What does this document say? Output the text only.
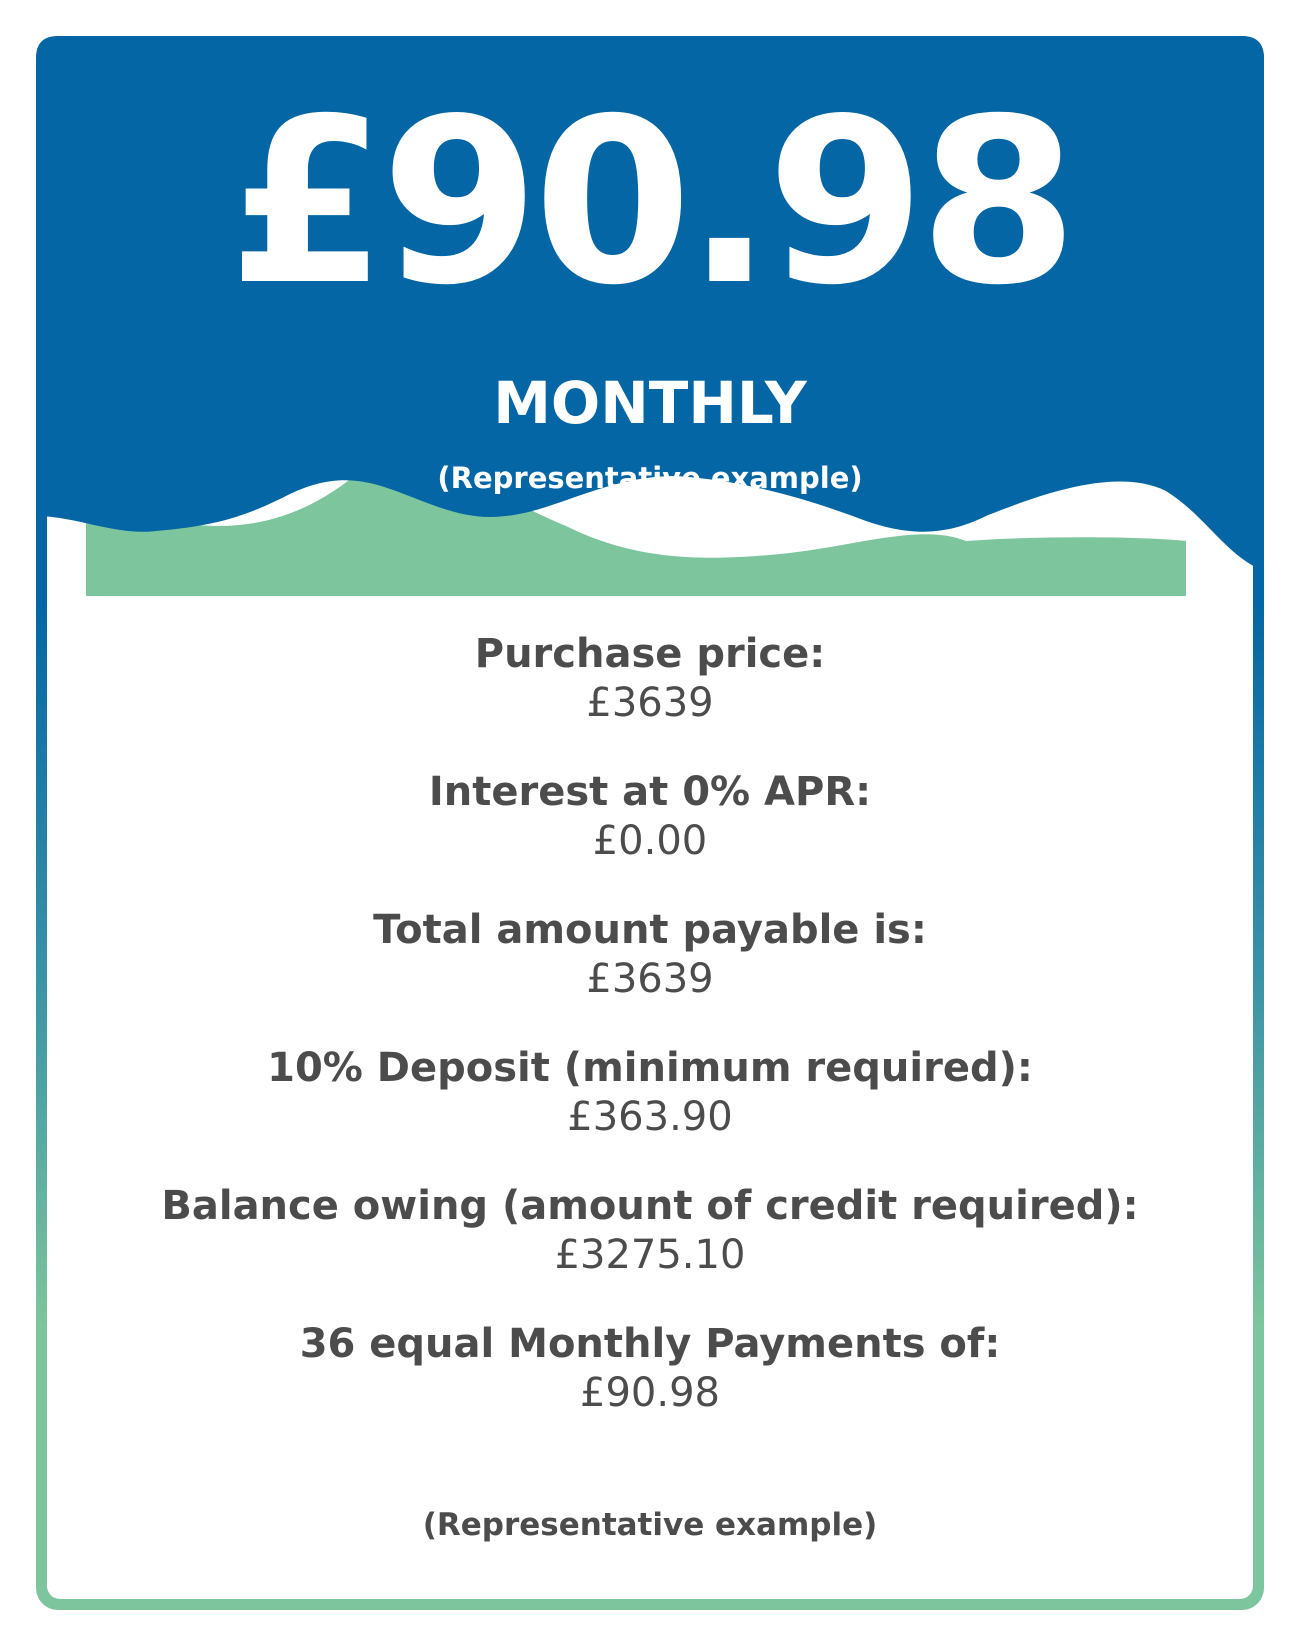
£90.98
MONTHLY
(Representative example)
Purchase price:
£3639
Interest at 0% APR:
£0.00
Total amount payable is:
£3639
10% Deposit (minimum required):
£363.90
Balance owing (amount of credit required):
£3275.10
36 equal Monthly Payments of:
£90.98
(Representative example)
